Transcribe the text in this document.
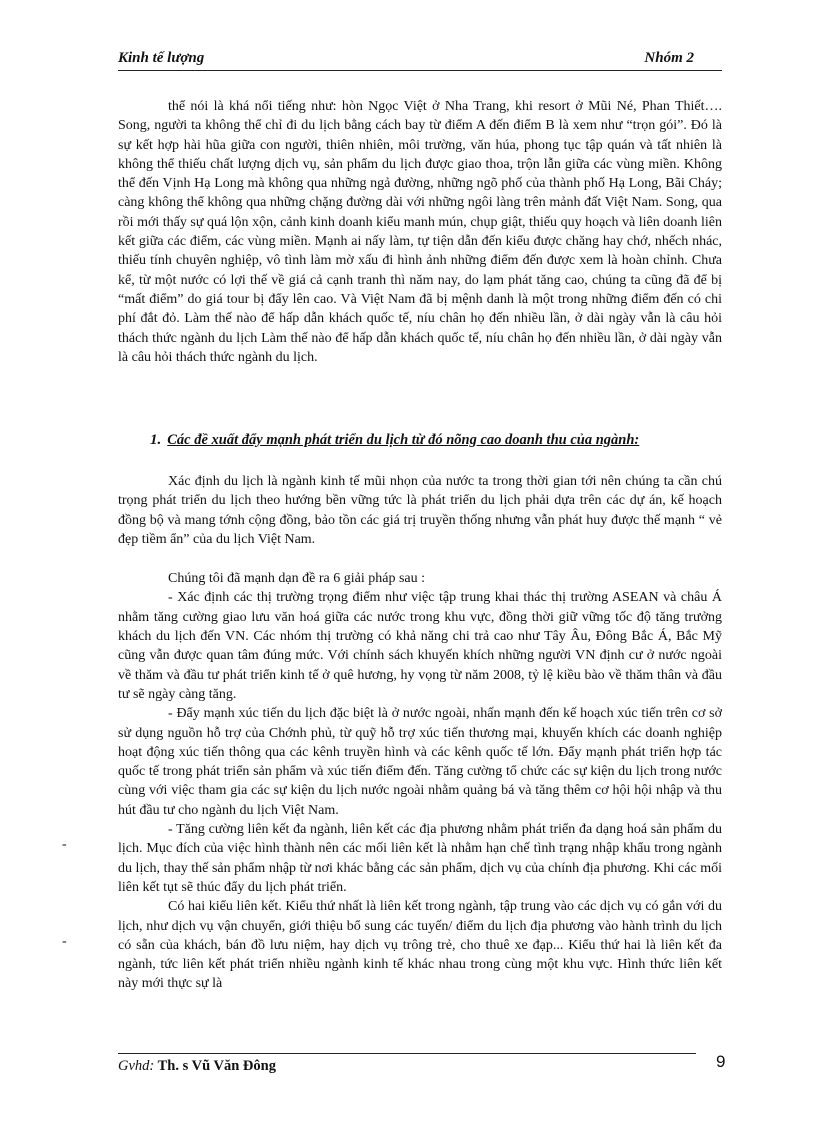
Kinh tế lượng	Nhóm 2

thể nói là khá nổi tiếng như: hòn Ngọc Việt ở Nha Trang, khi resort ở Mũi Né, Phan Thiết…. Song, người ta không thể chỉ đi du lịch bằng cách bay từ điểm A đến điểm B là xem như “trọn gói”. Đó là sự kết hợp hài hũa giữa con người, thiên nhiên, môi trường, văn húa, phong tục tập quán và tất nhiên là không thể thiếu chất lượng dịch vụ, sản phẩm du lịch được giao thoa, trộn lẫn giữa các vùng miền. Không thể đến Vịnh Hạ Long mà không qua những ngả đường, những ngõ phố của thành phố Hạ Long, Bãi Cháy; càng không thể không qua những chặng đường dài với những ngôi làng trên mảnh đất Việt Nam. Song, qua rồi mới thấy sự quá lộn xộn, cảnh kinh doanh kiểu manh mún, chụp giật, thiếu quy hoạch và liên doanh liên kết giữa các điểm, các vùng miền. Mạnh ai nấy làm, tự tiện dẫn đến kiểu được chăng hay chớ, nhếch nhác, thiếu tính chuyên nghiệp, vô tình làm mờ xấu đi hình ảnh những điểm đến được xem là hoàn chỉnh. Chưa kể, từ một nước có lợi thế về giá cả cạnh tranh thì năm nay, do lạm phát tăng cao, chúng ta cũng đã để bị “mất điểm” do giá tour bị đẩy lên cao. Và Việt Nam đã bị mệnh danh là một trong những điểm đến có chi phí đắt đỏ. Làm thế nào để hấp dẫn khách quốc tế, níu chân họ đến nhiều lần, ở dài ngày vẫn là câu hỏi thách thức ngành du lịch Làm thế nào để hấp dẫn khách quốc tế, níu chân họ đến nhiều lần, ở dài ngày vẫn là câu hỏi thách thức ngành du lịch.

1. Các đề xuất đẩy mạnh phát triển du lịch từ đó nõng cao doanh thu của ngành:

Xác định du lịch là ngành kinh tế mũi nhọn của nước ta trong thời gian tới nên chúng ta cần chú trọng phát triển du lịch theo hướng bền vững tức là phát triển du lịch phải dựa trên các dự án, kế hoạch đồng bộ và mang tớnh cộng đồng, bảo tồn các giá trị truyền thống nhưng vẫn phát huy được thế mạnh “ vẻ đẹp tiềm ẩn” của du lịch Việt Nam.

Chúng tôi đã mạnh dạn đề ra 6 giải pháp sau :

- Xác định các thị trường trọng điểm như việc tập trung khai thác thị trường ASEAN và châu Á nhằm tăng cường giao lưu văn hoá giữa các nước trong khu vực, đồng thời giữ vững tốc độ tăng trưởng khách du lịch đến VN. Các nhóm thị trường có khả năng chi trả cao như Tây Âu, Đông Bắc Á, Bắc Mỹ cũng vẫn được quan tâm đúng mức. Với chính sách khuyến khích những người VN định cư ở nước ngoài về thăm và đầu tư phát triển kinh tế ở quê hương, hy vọng từ năm 2008, tỷ lệ kiều bào về thăm thân và đầu tư sẽ ngày càng tăng.

- Đẩy mạnh xúc tiến du lịch đặc biệt là ở nước ngoài, nhấn mạnh đến kế hoạch xúc tiến trên cơ sở sử dụng nguồn hỗ trợ của Chớnh phủ, từ quỹ hỗ trợ xúc tiến thương mại, khuyến khích các doanh nghiệp hoạt động xúc tiến thông qua các kênh truyền hình và các kênh quốc tế lớn. Đẩy mạnh phát triển hợp tác quốc tế trong phát triển sản phẩm và xúc tiến điểm đến. Tăng cường tổ chức các sự kiện du lịch trong nước cùng với việc tham gia các sự kiện du lịch nước ngoài nhằm quảng bá và tăng thêm cơ hội hội nhập và thu hút đầu tư cho ngành du lịch Việt Nam.

- Tăng cường liên kết đa ngành, liên kết các địa phương nhằm phát triển đa dạng hoá sản phẩm du lịch. Mục đích của việc hình thành nên các mối liên kết là nhằm hạn chế tình trạng nhập khẩu trong ngành du lịch, thay thế sản phẩm nhập từ nơi khác bằng các sản phẩm, dịch vụ của chính địa phương. Khi các mối liên kết tụt sẽ thúc đẩy du lịch phát triển.

Có hai kiểu liên kết. Kiểu thứ nhất là liên kết trong ngành, tập trung vào các dịch vụ có gắn với du lịch, như dịch vụ vận chuyển, giới thiệu bổ sung các tuyến/ điểm du lịch địa phương vào hành trình du lịch có sẵn của khách, bán đồ lưu niệm, hay dịch vụ trông trẻ, cho thuê xe đạp... Kiểu thứ hai là liên kết đa ngành, tức liên kết phát triển nhiều ngành kinh tế khác nhau trong cùng một khu vực. Hình thức liên kết này mới thực sự là

-
-
Gvhd: Th. s Vũ Văn Đông	9
